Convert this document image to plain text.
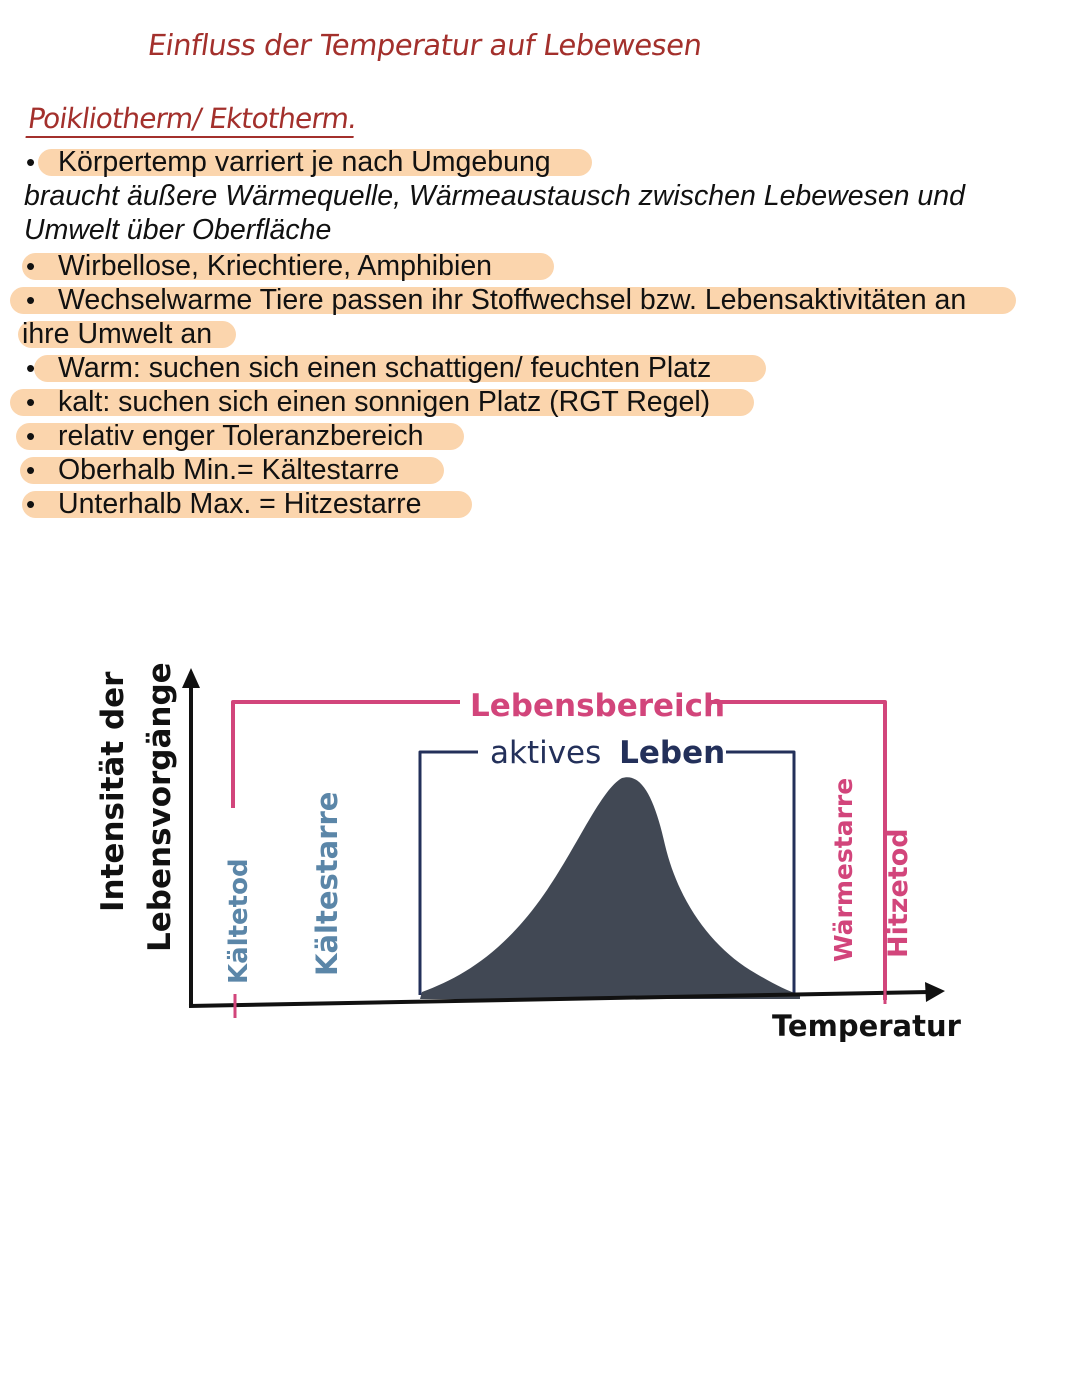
Einfluss der Temperatur auf Lebewesen
Poikliotherm/ Ektotherm.
•
•
•
•
•
•
•
•
Körpertemp varriert je nach Umgebung
braucht äußere Wärmequelle, Wärmeaustausch zwischen Lebewesen und
Umwelt über Oberfläche
Wirbellose, Kriechtiere, Amphibien
Wechselwarme Tiere passen ihr Stoffwechsel bzw. Lebensaktivitäten an
ihre Umwelt an
Warm: suchen sich einen schattigen/ feuchten Platz
kalt: suchen sich einen sonnigen Platz (RGT Regel)
relativ enger Toleranzbereich
Oberhalb Min.= Kältestarre
Unterhalb Max. = Hitzestarre
Intensität der Lebensvorgänge	Lebensbereich
aktives Leben
Kältetod Kältestarre	Wärmestarre Hitzetod
Temperatur
